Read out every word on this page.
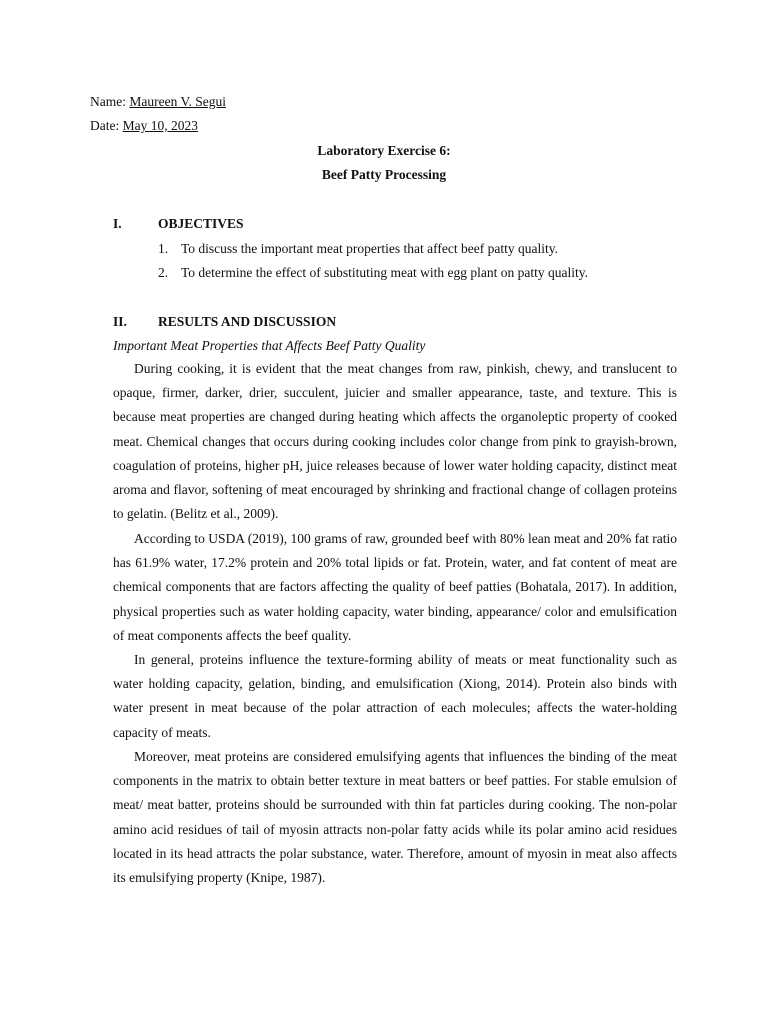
Name: Maureen V. Segui
Date: May 10, 2023
Laboratory Exercise 6:
Beef Patty Processing
I.	OBJECTIVES
1. To discuss the important meat properties that affect beef patty quality.
2. To determine the effect of substituting meat with egg plant on patty quality.
II. RESULTS AND DISCUSSION
Important Meat Properties that Affects Beef Patty Quality

During cooking, it is evident that the meat changes from raw, pinkish, chewy, and translucent to opaque, firmer, darker, drier, succulent, juicier and smaller appearance, taste, and texture. This is because meat properties are changed during heating which affects the organoleptic property of cooked meat. Chemical changes that occurs during cooking includes color change from pink to grayish-brown, coagulation of proteins, higher pH, juice releases because of lower water holding capacity, distinct meat aroma and flavor, softening of meat encouraged by shrinking and fractional change of collagen proteins to gelatin. (Belitz et al., 2009).

According to USDA (2019), 100 grams of raw, grounded beef with 80% lean meat and 20% fat ratio has 61.9% water, 17.2% protein and 20% total lipids or fat. Protein, water, and fat content of meat are chemical components that are factors affecting the quality of beef patties (Bohatala, 2017). In addition, physical properties such as water holding capacity, water binding, appearance/ color and emulsification of meat components affects the beef quality.

In general, proteins influence the texture-forming ability of meats or meat functionality such as water holding capacity, gelation, binding, and emulsification (Xiong, 2014). Protein also binds with water present in meat because of the polar attraction of each molecules; affects the water-holding capacity of meats.

Moreover, meat proteins are considered emulsifying agents that influences the binding of the meat components in the matrix to obtain better texture in meat batters or beef patties. For stable emulsion of meat/ meat batter, proteins should be surrounded with thin fat particles during cooking. The non-polar amino acid residues of tail of myosin attracts non-polar fatty acids while its polar amino acid residues located in its head attracts the polar substance, water. Therefore, amount of myosin in meat also affects its emulsifying property (Knipe, 1987).
